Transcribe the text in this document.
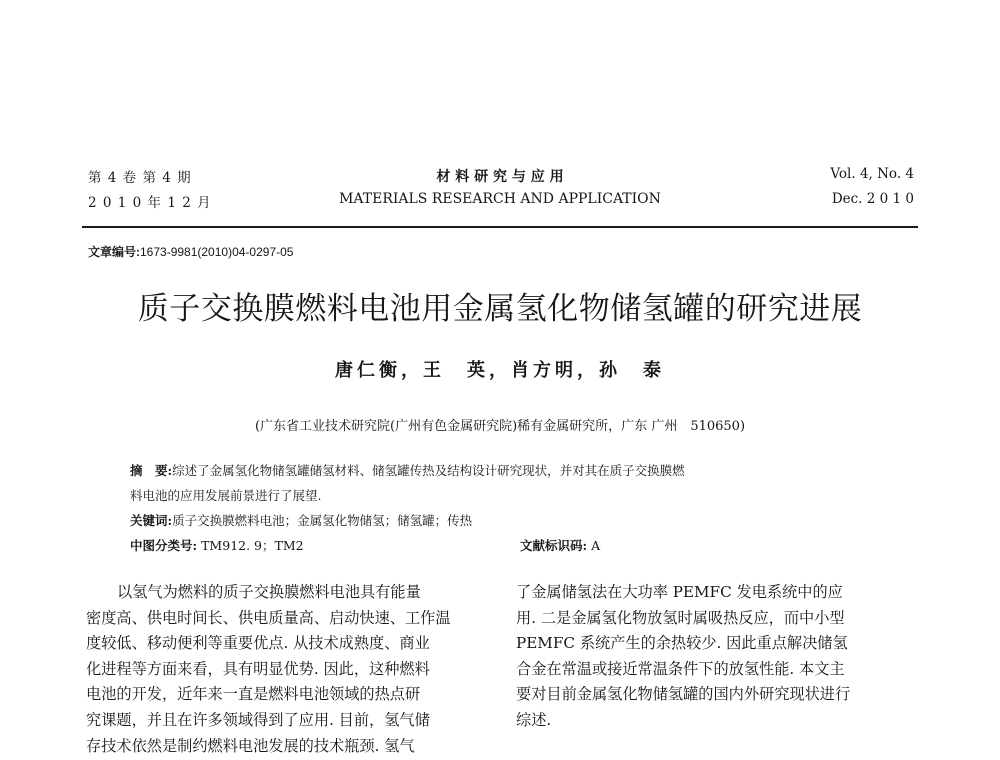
第 4 卷 第 4 期
2 0 1 0 年 1 2 月
材 料 研 究 与 应 用
MATERIALS RESEARCH AND APPLICATION
Vol. 4, No. 4
Dec. 2 0 1 0
文章编号:1673-9981(2010)04-0297-05
质子交换膜燃料电池用金属氢化物储氢罐的研究进展
唐仁衡，王　英，肖方明，孙　泰
(广东省工业技术研究院(广州有色金属研究院)稀有金属研究所，广东 广州　510650)
摘　要:综述了金属氢化物储氢罐储氢材料、储氢罐传热及结构设计研究现状，并对其在质子交换膜燃
料电池的应用发展前景进行了展望.
关键词:质子交换膜燃料电池；金属氢化物储氢；储氢罐；传热
中图分类号: TM912. 9；TM2	文献标识码: A
以氢气为燃料的质子交换膜燃料电池具有能量
密度高、供电时间长、供电质量高、启动快速、工作温
度较低、移动便利等重要优点. 从技术成熟度、商业
化进程等方面来看，具有明显优势. 因此，这种燃料
电池的开发，近年来一直是燃料电池领域的热点研
究课题，并且在许多领域得到了应用. 目前，氢气储
存技术依然是制约燃料电池发展的技术瓶颈. 氢气
了金属储氢法在大功率 PEMFC 发电系统中的应
用. 二是金属氢化物放氢时属吸热反应，而中小型
PEMFC 系统产生的余热较少. 因此重点解决储氢
合金在常温或接近常温条件下的放氢性能. 本文主
要对目前金属氢化物储氢罐的国内外研究现状进行
综述.
